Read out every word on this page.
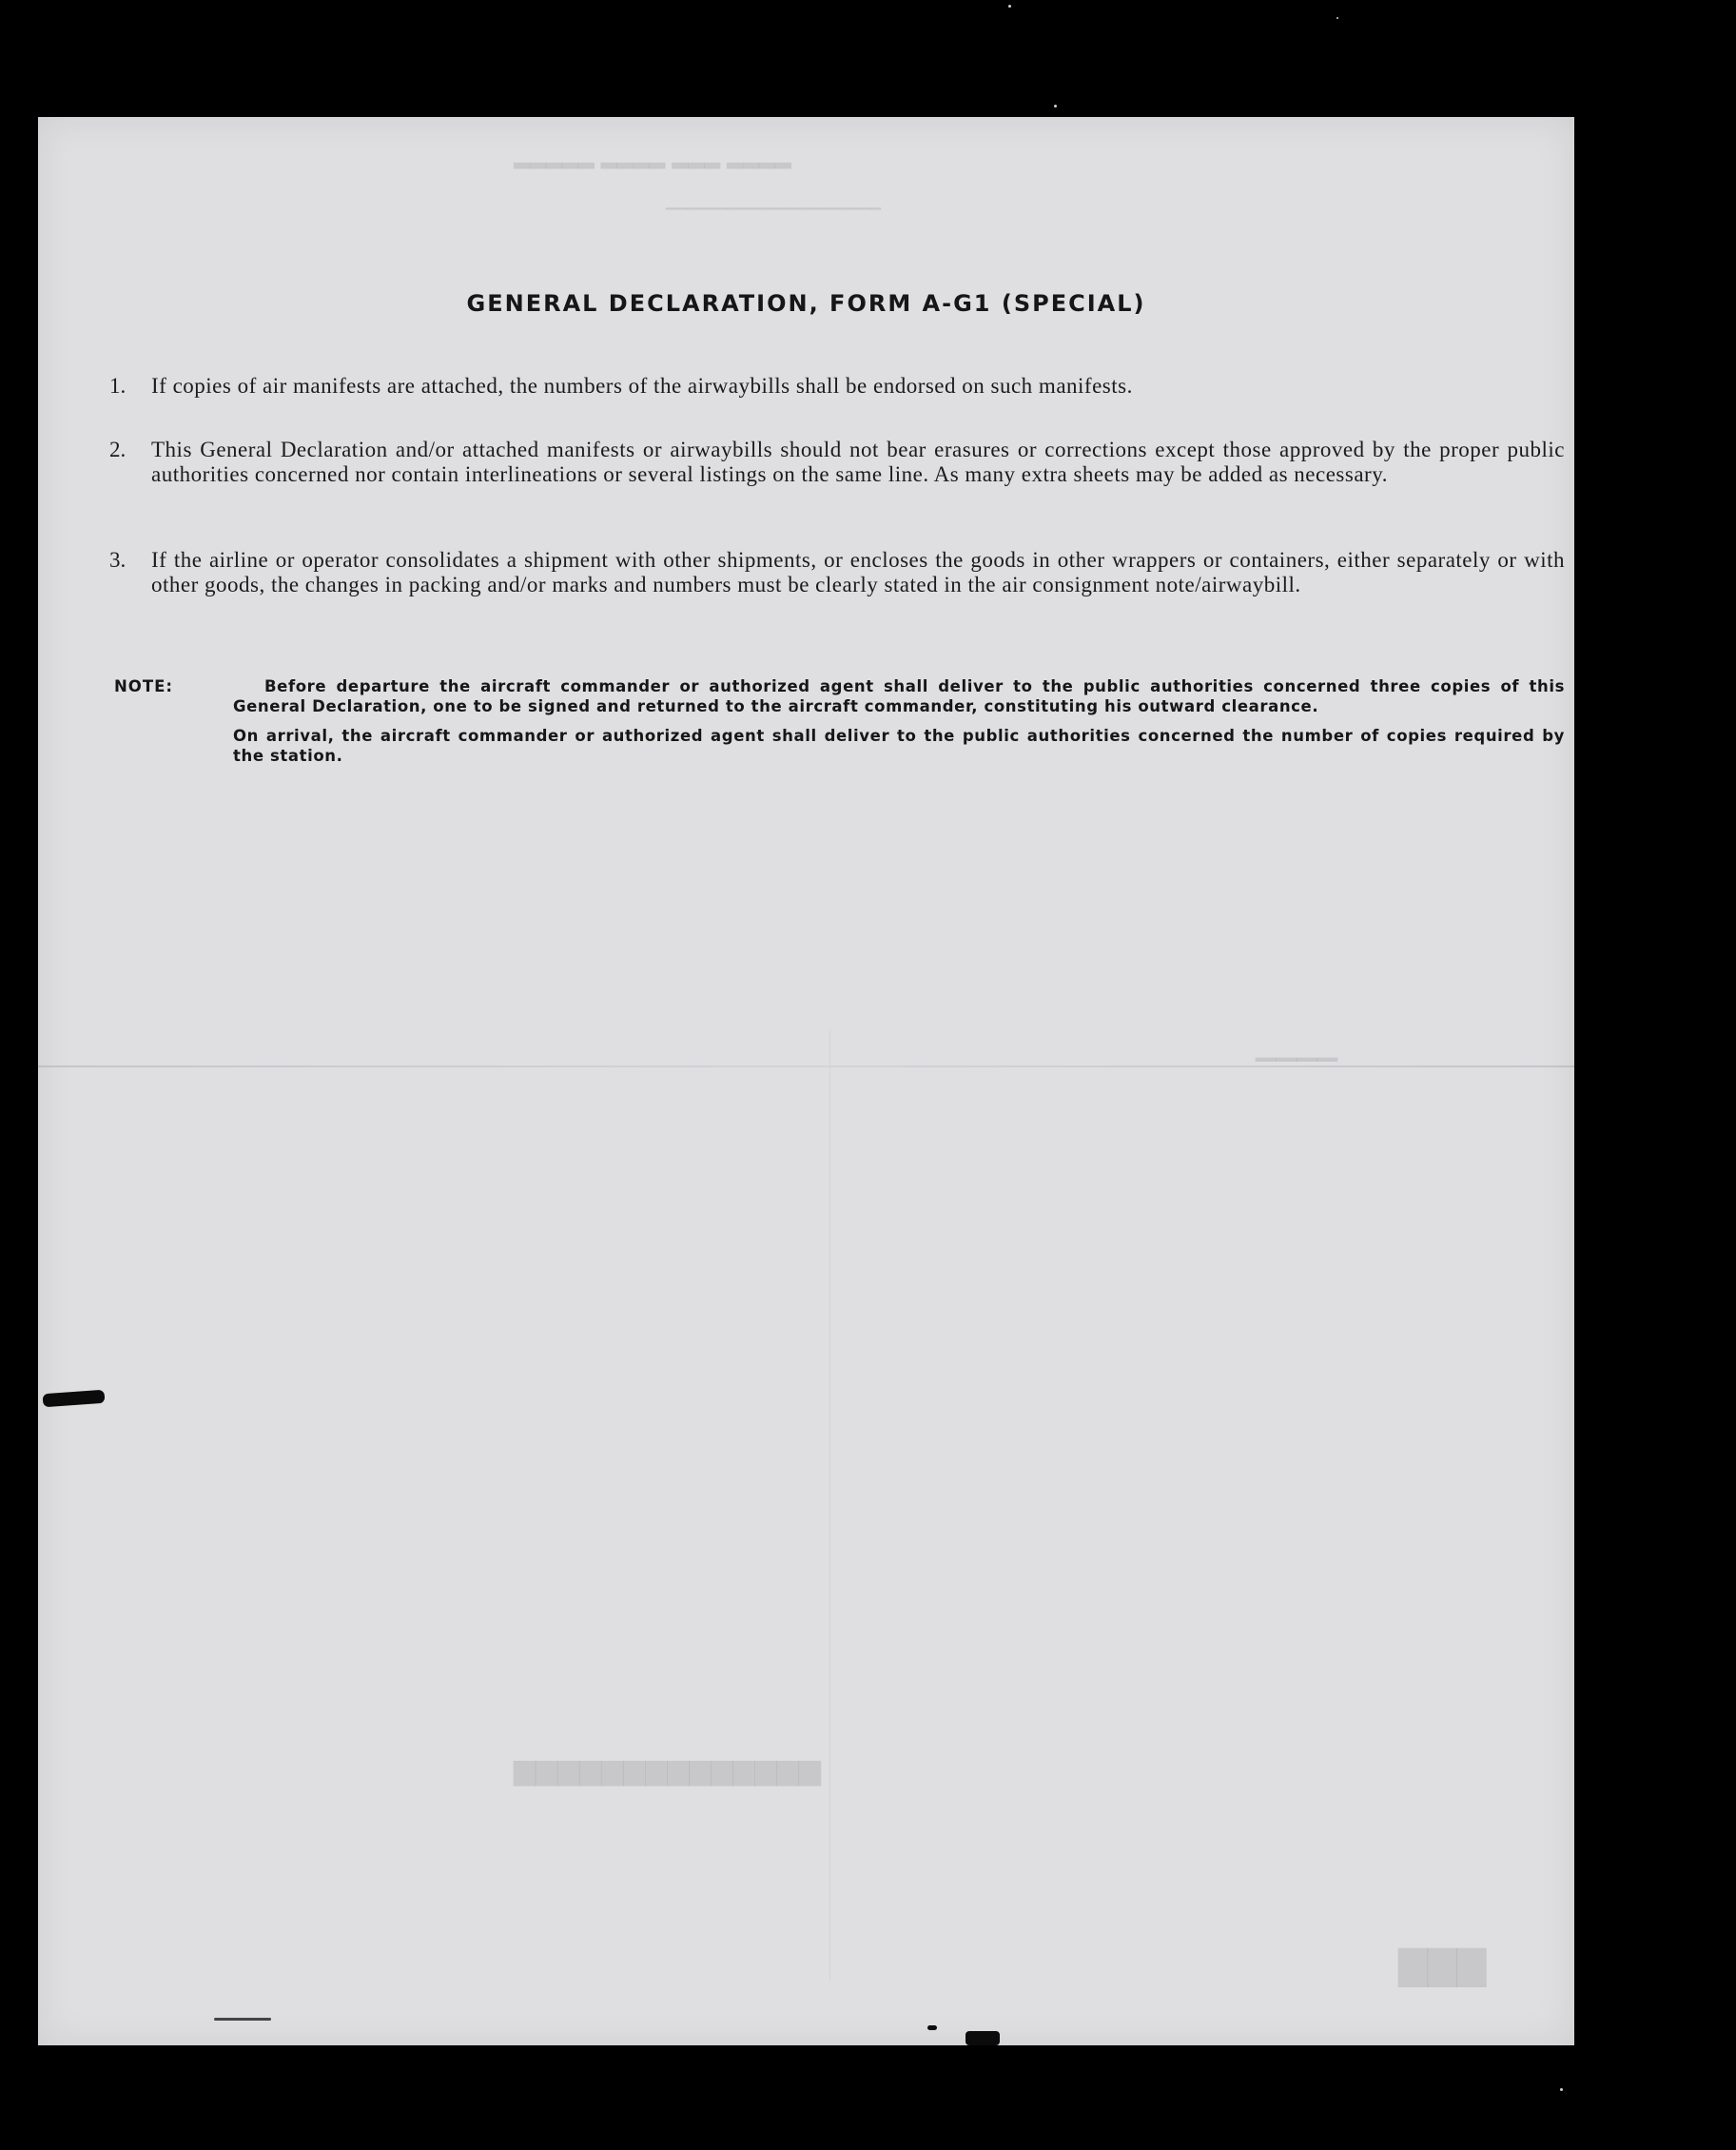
▂▂▂▂ ▂▂▂ ▂▂▂▂ ▂▂▂▂▂
▁▁▁▁▁▁▁▁▁▁▁▁▁▁▁▁▁▁▁▁▁
▁▁▁▁
▆▆▆▆▆▆▆▆▆▆▆▆▆▆
▇▇▇
GENERAL DECLARATION, FORM A-G1 (SPECIAL)
1. If copies of air manifests are attached, the numbers of the airwaybills shall be endorsed on such manifests.
2. This General Declaration and/or attached manifests or airwaybills should not bear erasures or corrections except those approved by the proper public authorities concerned nor contain interlineations or several listings on the same line. As many extra sheets may be added as necessary.
3. If the airline or operator consolidates a shipment with other shipments, or encloses the goods in other wrappers or containers, either separately or with other goods, the changes in packing and/or marks and numbers must be clearly stated in the air consignment note/airwaybill.
NOTE:	Before departure the aircraft commander or authorized agent shall deliver to the public authorities concerned three copies of this General Declaration, one to be signed and returned to the aircraft commander, constituting his outward clearance.
On arrival, the aircraft commander or authorized agent shall deliver to the public authorities concerned the number of copies required by the station.
